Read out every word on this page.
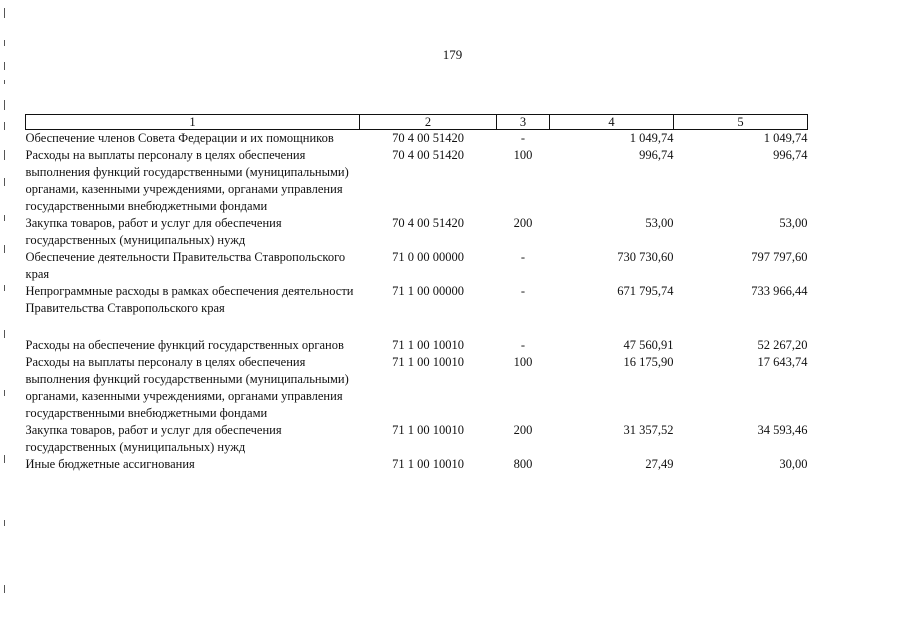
179
1	2	3	4	5
Обеспечение членов Совета Федерации и их помощников	70 4 00 51420	-	1 049,74	1 049,74
Расходы на выплаты персоналу в целях обеспечения выполнения функций государственными (муниципальными) органами, казенными учреждениями, органами управления государственными внебюджетными фондами	70 4 00 51420	100	996,74	996,74
Закупка товаров, работ и услуг для обеспечения государственных (муниципальных) нужд	70 4 00 51420	200	53,00	53,00
Обеспечение деятельности Правительства Ставропольского края	71 0 00 00000	-	730 730,60	797 797,60
Непрограммные расходы в рамках обеспечения деятельности Правительства Ставропольского края	71 1 00 00000	-	671 795,74	733 966,44

Расходы на обеспечение функций государственных органов	71 1 00 10010	-	47 560,91	52 267,20
Расходы на выплаты персоналу в целях обеспечения выполнения функций государственными (муниципальными) органами, казенными учреждениями, органами управления государственными внебюджетными фондами	71 1 00 10010	100	16 175,90	17 643,74
Закупка товаров, работ и услуг для обеспечения государственных (муниципальных) нужд	71 1 00 10010	200	31 357,52	34 593,46
Иные бюджетные ассигнования	71 1 00 10010	800	27,49	30,00
